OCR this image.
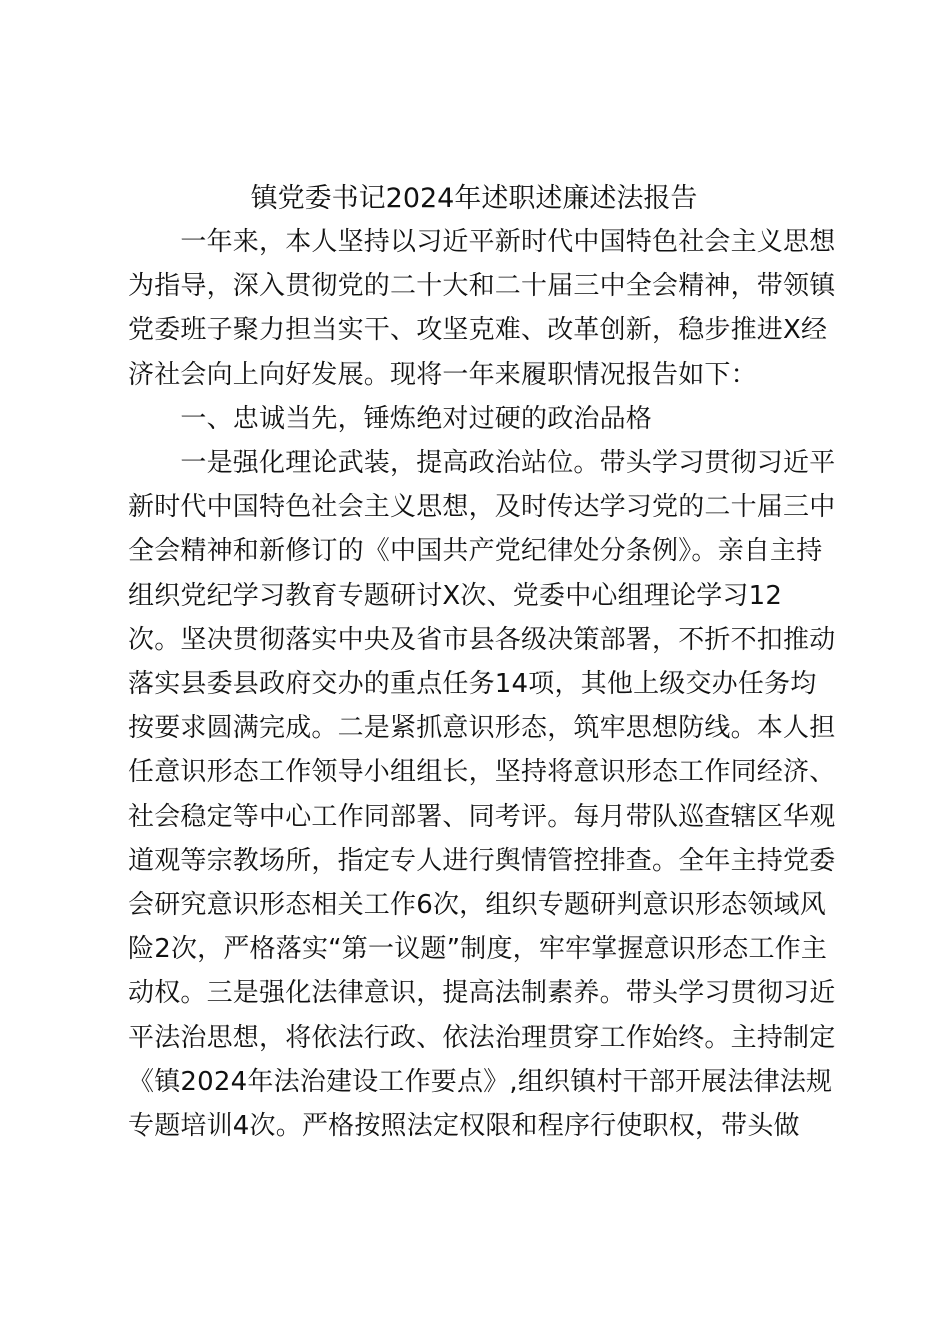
镇党委书记2024年述职述廉述法报告
　　一年来，本人坚持以习近平新时代中国特色社会主义思想
为指导，深入贯彻党的二十大和二十届三中全会精神，带领镇
党委班子聚力担当实干、攻坚克难、改革创新，稳步推进X经
济社会向上向好发展。现将一年来履职情况报告如下：
　　一、忠诚当先，锤炼绝对过硬的政治品格
　　一是强化理论武装，提高政治站位。带头学习贯彻习近平
新时代中国特色社会主义思想，及时传达学习党的二十届三中
全会精神和新修订的《中国共产党纪律处分条例》。亲自主持
组织党纪学习教育专题研讨X次、党委中心组理论学习12
次。坚决贯彻落实中央及省市县各级决策部署，不折不扣推动
落实县委县政府交办的重点任务14项，其他上级交办任务均
按要求圆满完成。二是紧抓意识形态，筑牢思想防线。本人担
任意识形态工作领导小组组长，坚持将意识形态工作同经济、
社会稳定等中心工作同部署、同考评。每月带队巡查辖区华观
道观等宗教场所，指定专人进行舆情管控排查。全年主持党委
会研究意识形态相关工作6次，组织专题研判意识形态领域风
险2次，严格落实“第一议题”制度，牢牢掌握意识形态工作主
动权。三是强化法律意识，提高法制素养。带头学习贯彻习近
平法治思想，将依法行政、依法治理贯穿工作始终。主持制定
《镇2024年法治建设工作要点》,组织镇村干部开展法律法规
专题培训4次。严格按照法定权限和程序行使职权，带头做
